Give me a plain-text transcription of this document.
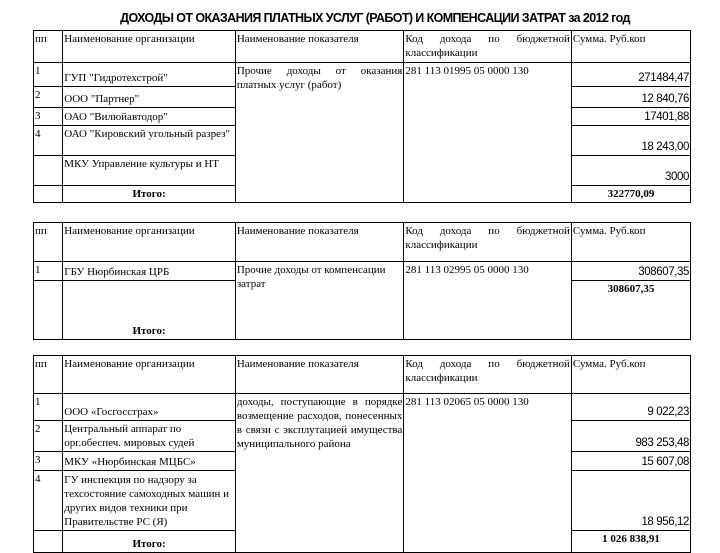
ДОХОДЫ ОТ ОКАЗАНИЯ ПЛАТНЫХ УСЛУГ (РАБОТ) И КОМПЕНСАЦИИ ЗАТРАТ за 2012 год
пп	Наименование организации	Наименование показателя	Код дохода по бюджетной классификации	Сумма. Руб.коп
1	ГУП "Гидротехстрой"	Прочие доходы от оказания платных услуг (работ)	281 113 01995 05 0000 130	271484,47
2	ООО "Партнер"			12 840,76
3	ОАО "Вилюйавтодор"			17401,88
4	ОАО "Кировский угольный разрез"			18 243,00
	МКУ Управление культуры и НТ			3000
	Итого:			322770,09
пп	Наименование организации	Наименование показателя	Код дохода по бюджетной классификации	Сумма. Руб.коп
1	ГБУ Нюрбинская ЦРБ	Прочие доходы от компенсации затрат	281 113 02995 05 0000 130	308607,35
	Итого:			308607,35
пп	Наименование организации	Наименование показателя	Код дохода по бюджетной классификации	Сумма. Руб.коп
1	ООО «Госгосстрах»	доходы, поступающие в порядке возмещение расходов, понесенных в связи с эксплутацией имущества муниципального района	281 113 02065 05 0000 130	9 022,23
2	Центральный аппарат по орг.обеспеч. мировых судей			983 253,48
3	МКУ «Нюрбинская МЦБС»			15 607,08
4	ГУ инспекция по надзору за техсостояние самоходных машин и других видов техники при Правительстве РС (Я)			18 956,12
	Итого:			1 026 838,91
